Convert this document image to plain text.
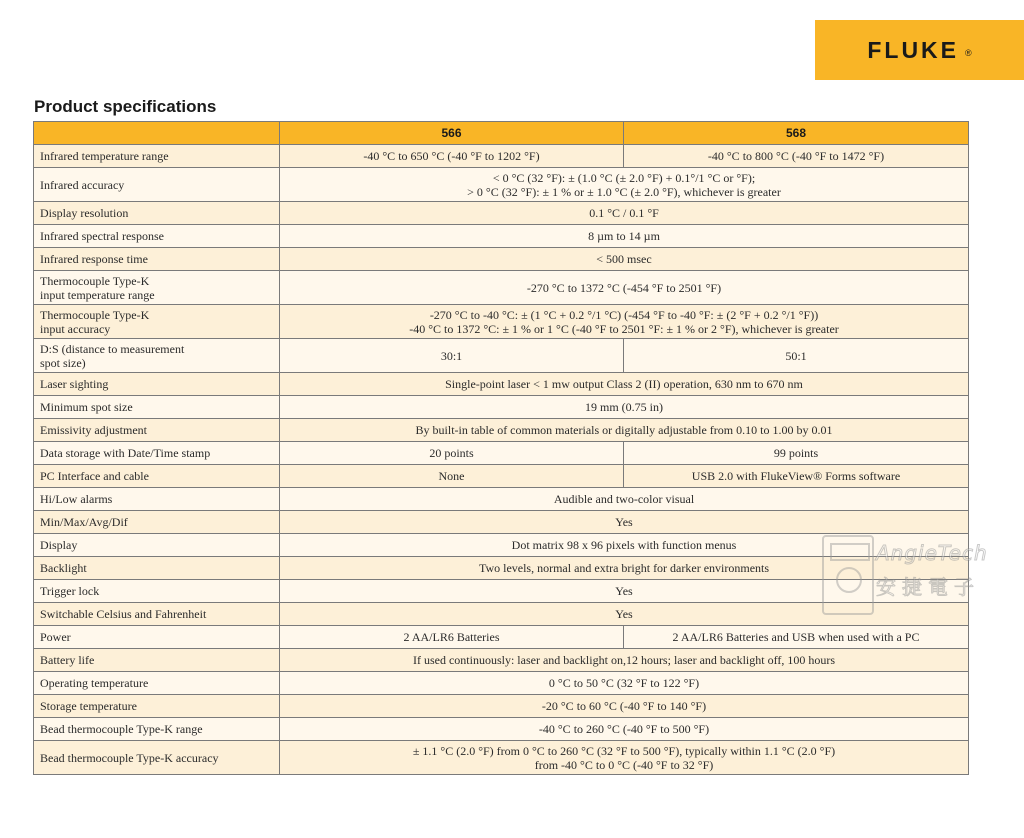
FLUKE ®
Product specifications
	566	568
Infrared temperature range	-40 °C to 650 °C (-40 °F to 1202 °F)	-40 °C to 800 °C (-40 °F to 1472 °F)
Infrared accuracy	< 0 °C (32 °F): ± (1.0 °C (± 2.0 °F) + 0.1°/1 °C or °F);
> 0 °C (32 °F): ± 1 % or ± 1.0 °C (± 2.0 °F), whichever is greater	
Display resolution	0.1 °C / 0.1 °F	
Infrared spectral response	8 µm to 14 µm	
Infrared response time	< 500 msec	
Thermocouple Type-K
input temperature range	-270 °C to 1372 °C (-454 °F to 2501 °F)	
Thermocouple Type-K
input accuracy	-270 °C to -40 °C: ± (1 °C + 0.2 °/1 °C) (-454 °F to -40 °F: ± (2 °F + 0.2 °/1 °F))
-40 °C to 1372 °C: ± 1 % or 1 °C (-40 °F to 2501 °F: ± 1 % or 2 °F), whichever is greater	
D:S (distance to measurement
spot size)	30:1	50:1
Laser sighting	Single-point laser < 1 mw output Class 2 (II) operation, 630 nm to 670 nm	
Minimum spot size	19 mm (0.75 in)	
Emissivity adjustment	By built-in table of common materials or digitally adjustable from 0.10 to 1.00 by 0.01	
Data storage with Date/Time stamp	20 points	99 points
PC Interface and cable	None	USB 2.0 with FlukeView® Forms software
Hi/Low alarms	Audible and two-color visual	
Min/Max/Avg/Dif	Yes	
Display	Dot matrix 98 x 96 pixels with function menus	
Backlight	Two levels, normal and extra bright for darker environments	
Trigger lock	Yes	
Switchable Celsius and Fahrenheit	Yes	
Power	2 AA/LR6 Batteries	2 AA/LR6 Batteries and USB when used with a PC
Battery life	If used continuously: laser and backlight on,12 hours; laser and backlight off, 100 hours	
Operating temperature	0 °C to 50 °C (32 °F to 122 °F)	
Storage temperature	-20 °C to 60 °C (-40 °F to 140 °F)	
Bead thermocouple Type-K range	-40 °C to 260 °C (-40 °F to 500 °F)	
Bead thermocouple Type-K accuracy	± 1.1 °C (2.0 °F) from 0 °C to 260 °C (32 °F to 500 °F), typically within 1.1 °C (2.0 °F)
from -40 °C to 0 °C (-40 °F to 32 °F)	
AngieTech
安捷電子
